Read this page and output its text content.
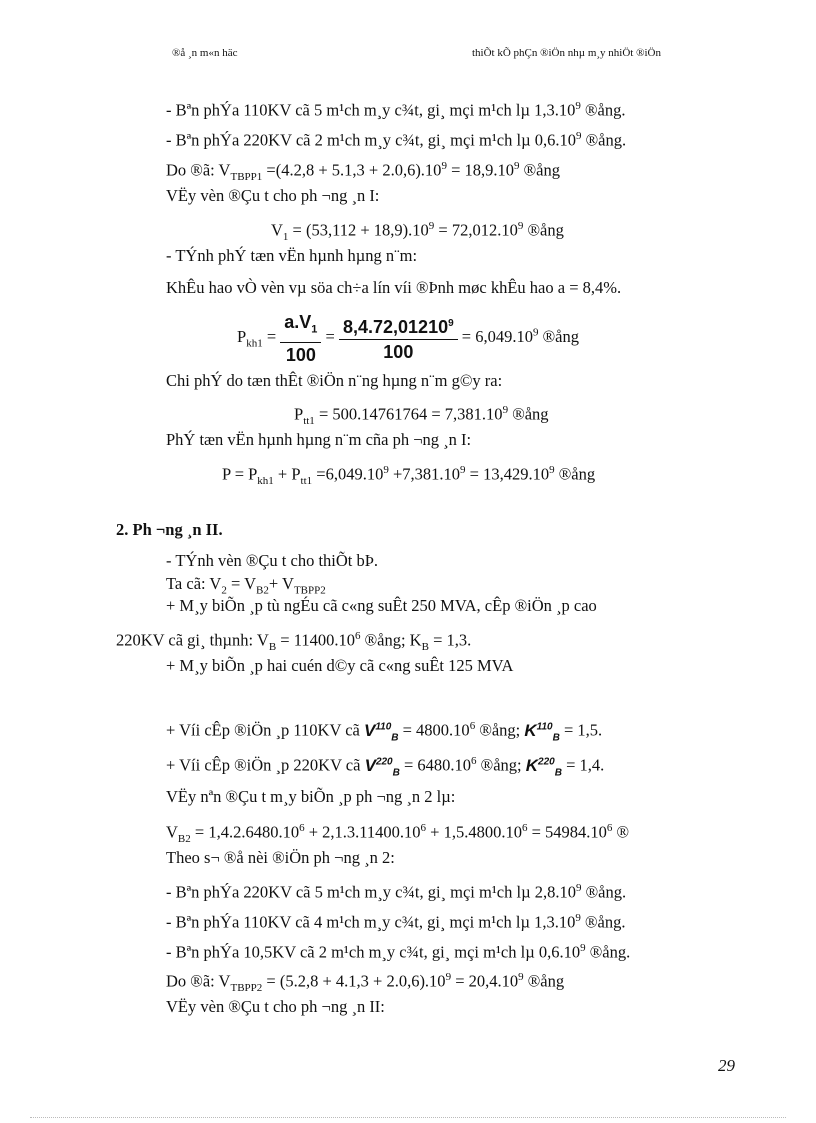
®å ¸n m«n häc	thiÕt kÕ phÇn ®iÖn nhµ m¸y nhiÖt ®iÖn
- Bªn phÝa 110KV cã 5 m¹ch m¸y c¾t, gi¸ mçi m¹ch lµ 1,3.10$^9$ ®ång.
- Bªn phÝa 220KV cã 2 m¹ch m¸y c¾t, gi¸ mçi m¹ch lµ 0,6.10$^9$ ®ång.
Do ®ã: $V_{TBPP1} =(4.2,8 + 5.1,3 + 2.0,6).10^9 = 18,9.10^9$ ®ång
VËy vèn ®Çu t cho ph ¬ng ¸n I:
$V_1 = (53,112 + 18,9).10^9 = 72,012.10^9$ ®ång
- TÝnh phÝ tæn vËn hµnh hµng n¨m:
KhÊu hao vÒ vèn vµ söa ch÷a lín víi ®Þnh møc khÊu hao a = 8,4%.
$P_{kh1} = \frac{a.V_1}{100} = \frac{8,4.72,01210^9}{100} = 6,049.10^9$ ®ång
Chi phÝ do tæn thÊt ®iÖn n¨ng hµng n¨m g©y ra:
$P_{tt1} = 500.14761764 = 7,381.10^9$ ®ång
PhÝ tæn vËn hµnh hµng n¨m cña ph ¬ng ¸n I:
$P = P_{kh1} + P_{tt1} =6,049.10^9 +7,381.10^9 = 13,429.10^9$ ®ång
2. Ph ¬ng ¸n II.
- TÝnh vèn ®Çu t cho thiÕt bÞ.
Ta cã: $V_2 = V_{B2}+ V_{TBPP2}$
+ M¸y biÕn ¸p tù ngÉu cã c«ng suÊt 250 MVA, cÊp ®iÖn ¸p cao
220KV cã gi¸ thµnh: $V_B = 11400.10^6$ ®ång; $K_B = 1,3$.
+ M¸y biÕn ¸p hai cuén d©y cã c«ng suÊt 125 MVA
+ Víi cÊp ®iÖn ¸p 110KV cã $V^{110}_B = 4800.10^6$ ®ång; $K^{110}_B = 1,5$.
+ Víi cÊp ®iÖn ¸p 220KV cã $V^{220}_B = 6480.10^6$ ®ång; $K^{220}_B = 1,4$.
VËy nªn ®Çu t m¸y biÕn ¸p ph ¬ng ¸n 2 lµ:
$V_{B2} = 1,4.2.6480.10^6 + 2,1.3.11400.10^6 + 1,5.4800.10^6 = 54984.10^6$ ®
Theo s¬ ®å nèi ®iÖn ph ¬ng ¸n 2:
- Bªn phÝa 220KV cã 5 m¹ch m¸y c¾t, gi¸ mçi m¹ch lµ 2,8.10$^9$ ®ång.
- Bªn phÝa 110KV cã 4 m¹ch m¸y c¾t, gi¸ mçi m¹ch lµ 1,3.10$^9$ ®ång.
- Bªn phÝa 10,5KV cã 2 m¹ch m¸y c¾t, gi¸ mçi m¹ch lµ 0,6.10$^9$ ®ång.
Do ®ã: $V_{TBPP2} = (5.2,8 + 4.1,3 + 2.0,6).10^9 = 20,4.10^9$ ®ång
VËy vèn ®Çu t cho ph ¬ng ¸n II:
29
